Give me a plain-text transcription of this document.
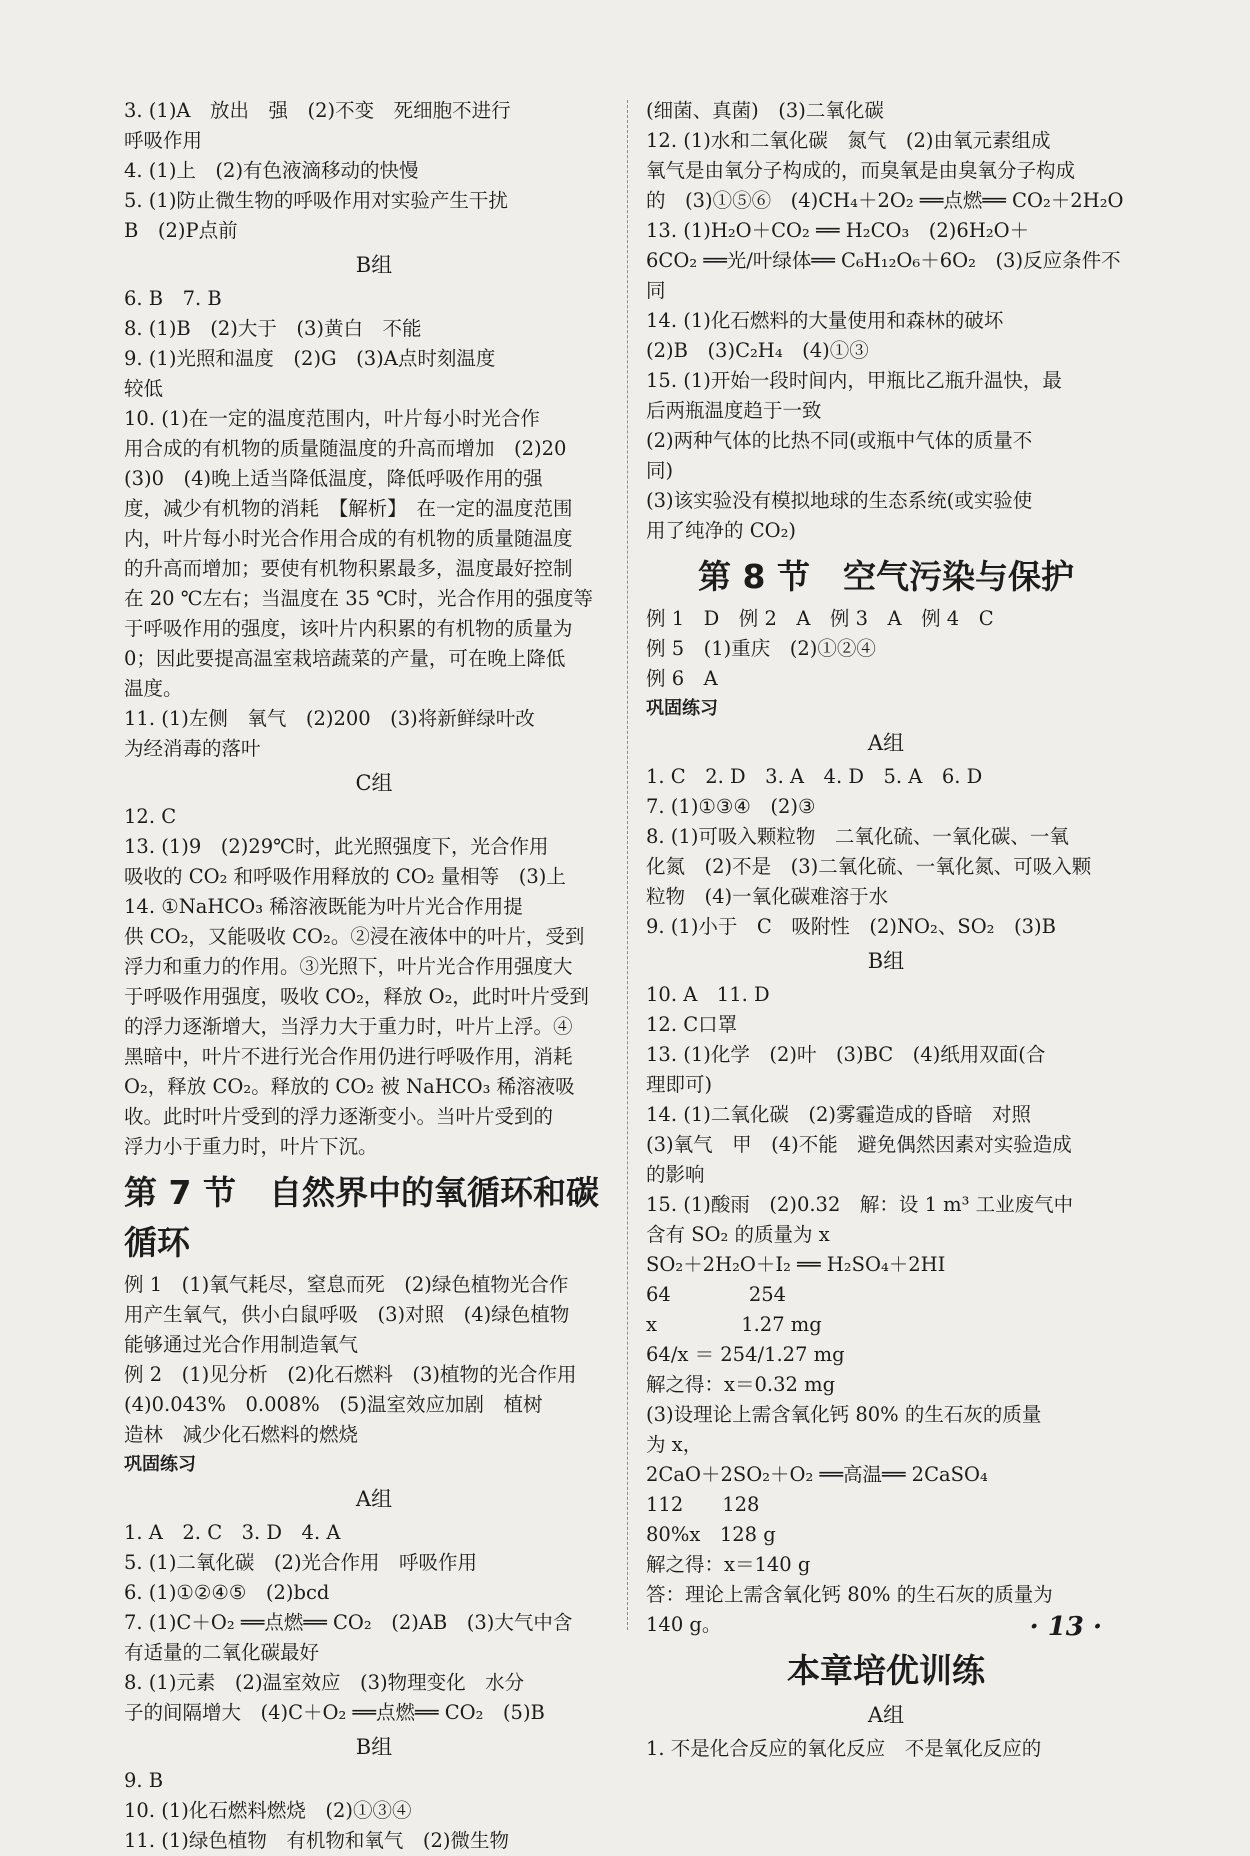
3. (1)A　放出　强　(2)不变　死细胞不进行

呼吸作用

4. (1)上　(2)有色液滴移动的快慢

5. (1)防止微生物的呼吸作用对实验产生干扰

B　(2)P点前

B组

6. B　7. B

8. (1)B　(2)大于　(3)黄白　不能

9. (1)光照和温度　(2)G　(3)A点时刻温度

较低

10. (1)在一定的温度范围内，叶片每小时光合作

用合成的有机物的质量随温度的升高而增加　(2)20

(3)0　(4)晚上适当降低温度，降低呼吸作用的强

度，减少有机物的消耗　【解析】　在一定的温度范围

内，叶片每小时光合作用合成的有机物的质量随温度

的升高而增加；要使有机物积累最多，温度最好控制

在 20 ℃左右；当温度在 35 ℃时，光合作用的强度等

于呼吸作用的强度，该叶片内积累的有机物的质量为

0；因此要提高温室栽培蔬菜的产量，可在晚上降低

温度。

11. (1)左侧　氧气　(2)200　(3)将新鲜绿叶改

为经消毒的落叶

C组

12. C

13. (1)9　(2)29℃时，此光照强度下，光合作用

吸收的 CO₂ 和呼吸作用释放的 CO₂ 量相等　(3)上

14. ①NaHCO₃ 稀溶液既能为叶片光合作用提

供 CO₂，又能吸收 CO₂。②浸在液体中的叶片，受到

浮力和重力的作用。③光照下，叶片光合作用强度大

于呼吸作用强度，吸收 CO₂，释放 O₂，此时叶片受到

的浮力逐渐增大，当浮力大于重力时，叶片上浮。④

黑暗中，叶片不进行光合作用仍进行呼吸作用，消耗

O₂，释放 CO₂。释放的 CO₂ 被 NaHCO₃ 稀溶液吸

收。此时叶片受到的浮力逐渐变小。当叶片受到的

浮力小于重力时，叶片下沉。

第 7 节　自然界中的氧循环和碳循环

例 1　(1)氧气耗尽，窒息而死　(2)绿色植物光合作

用产生氧气，供小白鼠呼吸　(3)对照　(4)绿色植物

能够通过光合作用制造氧气

例 2　(1)见分析　(2)化石燃料　(3)植物的光合作用

(4)0.043%　0.008%　(5)温室效应加剧　植树

造林　减少化石燃料的燃烧

巩固练习

A组

1. A　2. C　3. D　4. A

5. (1)二氧化碳　(2)光合作用　呼吸作用

6. (1)①②④⑤　(2)bcd

7. (1)C＋O₂ ══点燃══ CO₂　(2)AB　(3)大气中含

有适量的二氧化碳最好

8. (1)元素　(2)温室效应　(3)物理变化　水分

子的间隔增大　(4)C＋O₂ ══点燃══ CO₂　(5)B

B组

9. B

10. (1)化石燃料燃烧　(2)①③④

11. (1)绿色植物　有机物和氧气　(2)微生物

(细菌、真菌)　(3)二氧化碳

12. (1)水和二氧化碳　氮气　(2)由氧元素组成

氧气是由氧分子构成的，而臭氧是由臭氧分子构成

的　(3)①⑤⑥　(4)CH₄＋2O₂ ══点燃══ CO₂＋2H₂O

13. (1)H₂O＋CO₂ ══ H₂CO₃　(2)6H₂O＋

6CO₂ ══光/叶绿体══ C₆H₁₂O₆＋6O₂　(3)反应条件不同

14. (1)化石燃料的大量使用和森林的破坏

(2)B　(3)C₂H₄　(4)①③

15. (1)开始一段时间内，甲瓶比乙瓶升温快，最

后两瓶温度趋于一致

(2)两种气体的比热不同(或瓶中气体的质量不

同)

(3)该实验没有模拟地球的生态系统(或实验使

用了纯净的 CO₂)

第 8 节　空气污染与保护

例 1　D　例 2　A　例 3　A　例 4　C

例 5　(1)重庆　(2)①②④

例 6　A

巩固练习

A组

1. C　2. D　3. A　4. D　5. A　6. D

7. (1)①③④　(2)③

8. (1)可吸入颗粒物　二氧化硫、一氧化碳、一氧

化氮　(2)不是　(3)二氧化硫、一氧化氮、可吸入颗

粒物　(4)一氧化碳难溶于水

9. (1)小于　C　吸附性　(2)NO₂、SO₂　(3)B

B组

10. A　11. D

12. C口罩

13. (1)化学　(2)叶　(3)BC　(4)纸用双面(合

理即可)

14. (1)二氧化碳　(2)雾霾造成的昏暗　对照

(3)氧气　甲　(4)不能　避免偶然因素对实验造成

的影响

15. (1)酸雨　(2)0.32　解：设 1 m³ 工业废气中

含有 SO₂ 的质量为 x

SO₂＋2H₂O＋I₂ ══ H₂SO₄＋2HI

64　　　　254

x　　　　 1.27 mg

64/x ＝ 254/1.27 mg

解之得：x＝0.32 mg

(3)设理论上需含氧化钙 80% 的生石灰的质量

为 x，

2CaO＋2SO₂＋O₂ ══高温══ 2CaSO₄

112　　128

80%x　128 g

解之得：x＝140 g

答：理论上需含氧化钙 80% 的生石灰的质量为

140 g。

本章培优训练
A组

1. 不是化合反应的氧化反应　不是氧化反应的

· 13 ·
